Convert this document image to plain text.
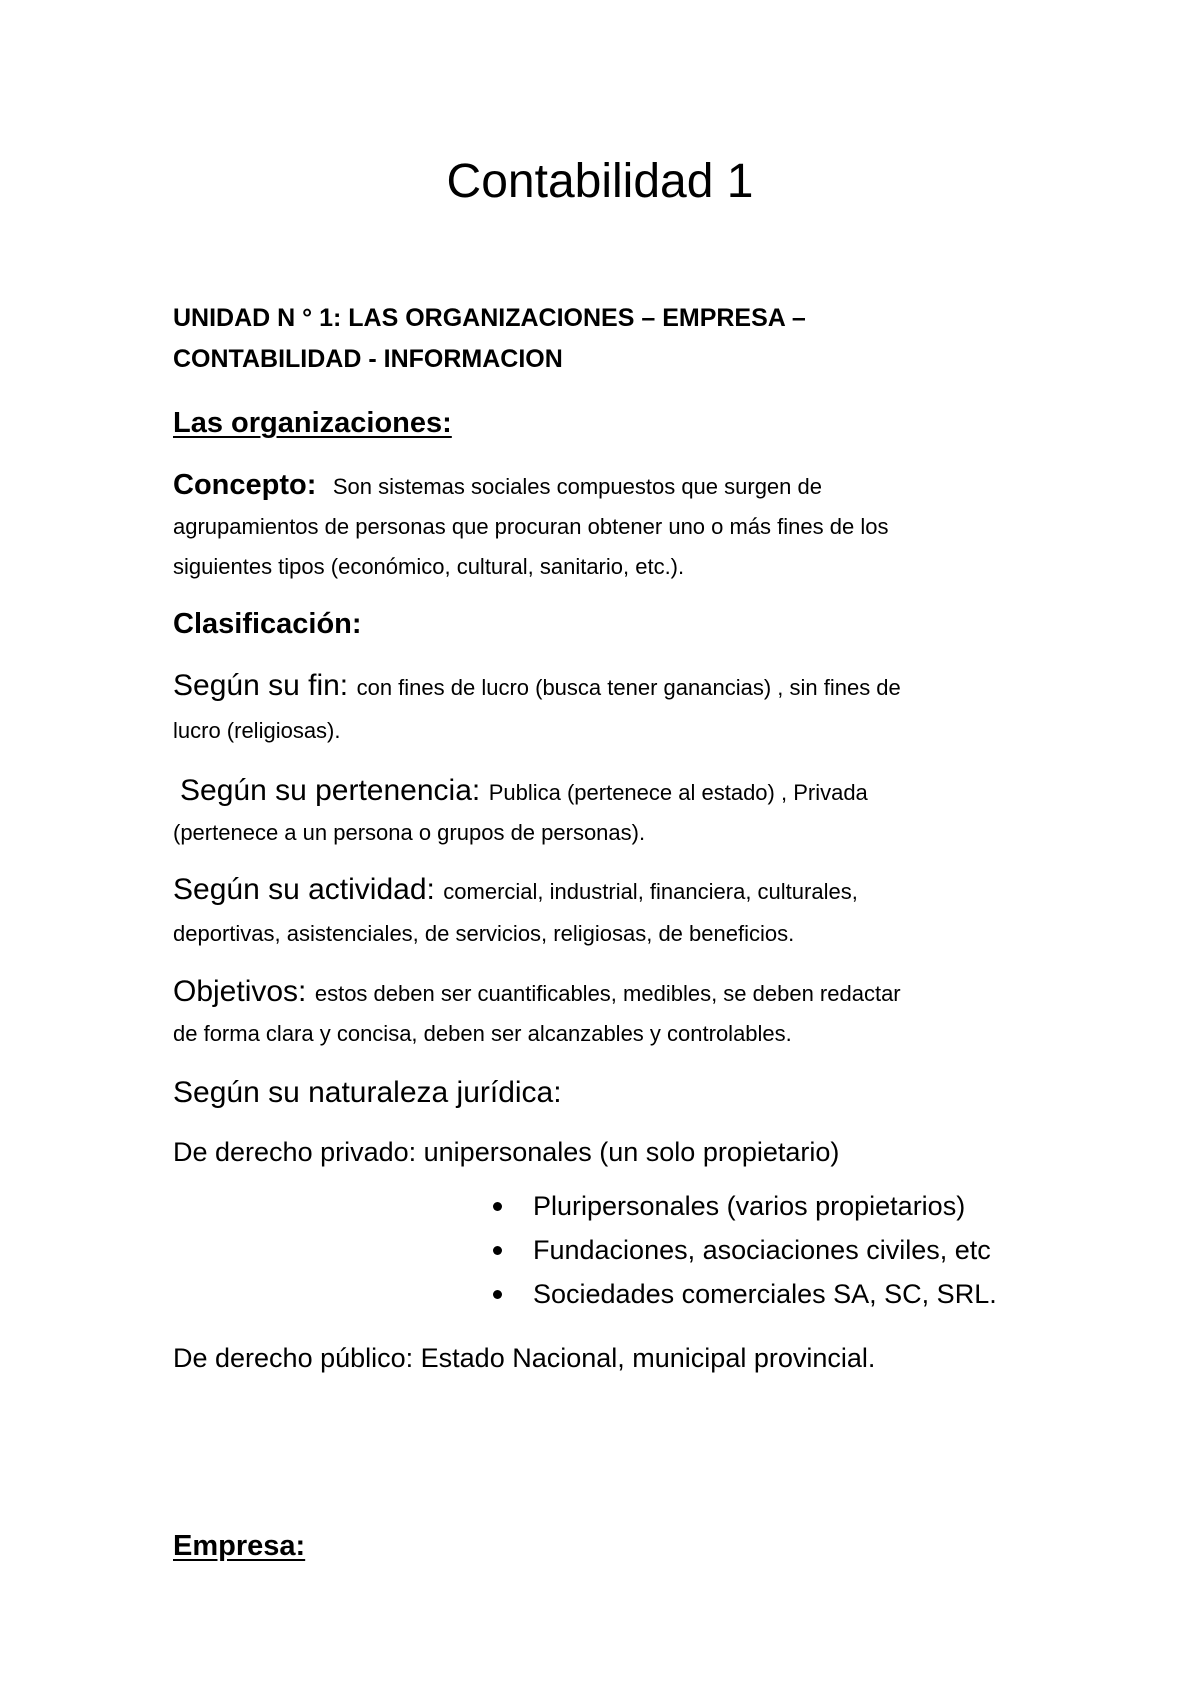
Contabilidad 1
UNIDAD N ° 1: LAS ORGANIZACIONES – EMPRESA –
CONTABILIDAD - INFORMACION
Las organizaciones:
Concepto: Son sistemas sociales compuestos que surgen de
agrupamientos de personas que procuran obtener uno o más fines de los
siguientes tipos (económico, cultural, sanitario, etc.).
Clasificación:
Según su fin: con fines de lucro (busca tener ganancias) , sin fines de
lucro (religiosas).
Según su pertenencia: Publica (pertenece al estado) , Privada
(pertenece a un persona o grupos de personas).
Según su actividad: comercial, industrial, financiera, culturales,
deportivas, asistenciales, de servicios, religiosas, de beneficios.
Objetivos: estos deben ser cuantificables, medibles, se deben redactar
de forma clara y concisa, deben ser alcanzables y controlables.
Según su naturaleza jurídica:
De derecho privado: unipersonales (un solo propietario)
Pluripersonales (varios propietarios)
Fundaciones, asociaciones civiles, etc
Sociedades comerciales SA, SC, SRL.
De derecho público: Estado Nacional, municipal provincial.
Empresa:
